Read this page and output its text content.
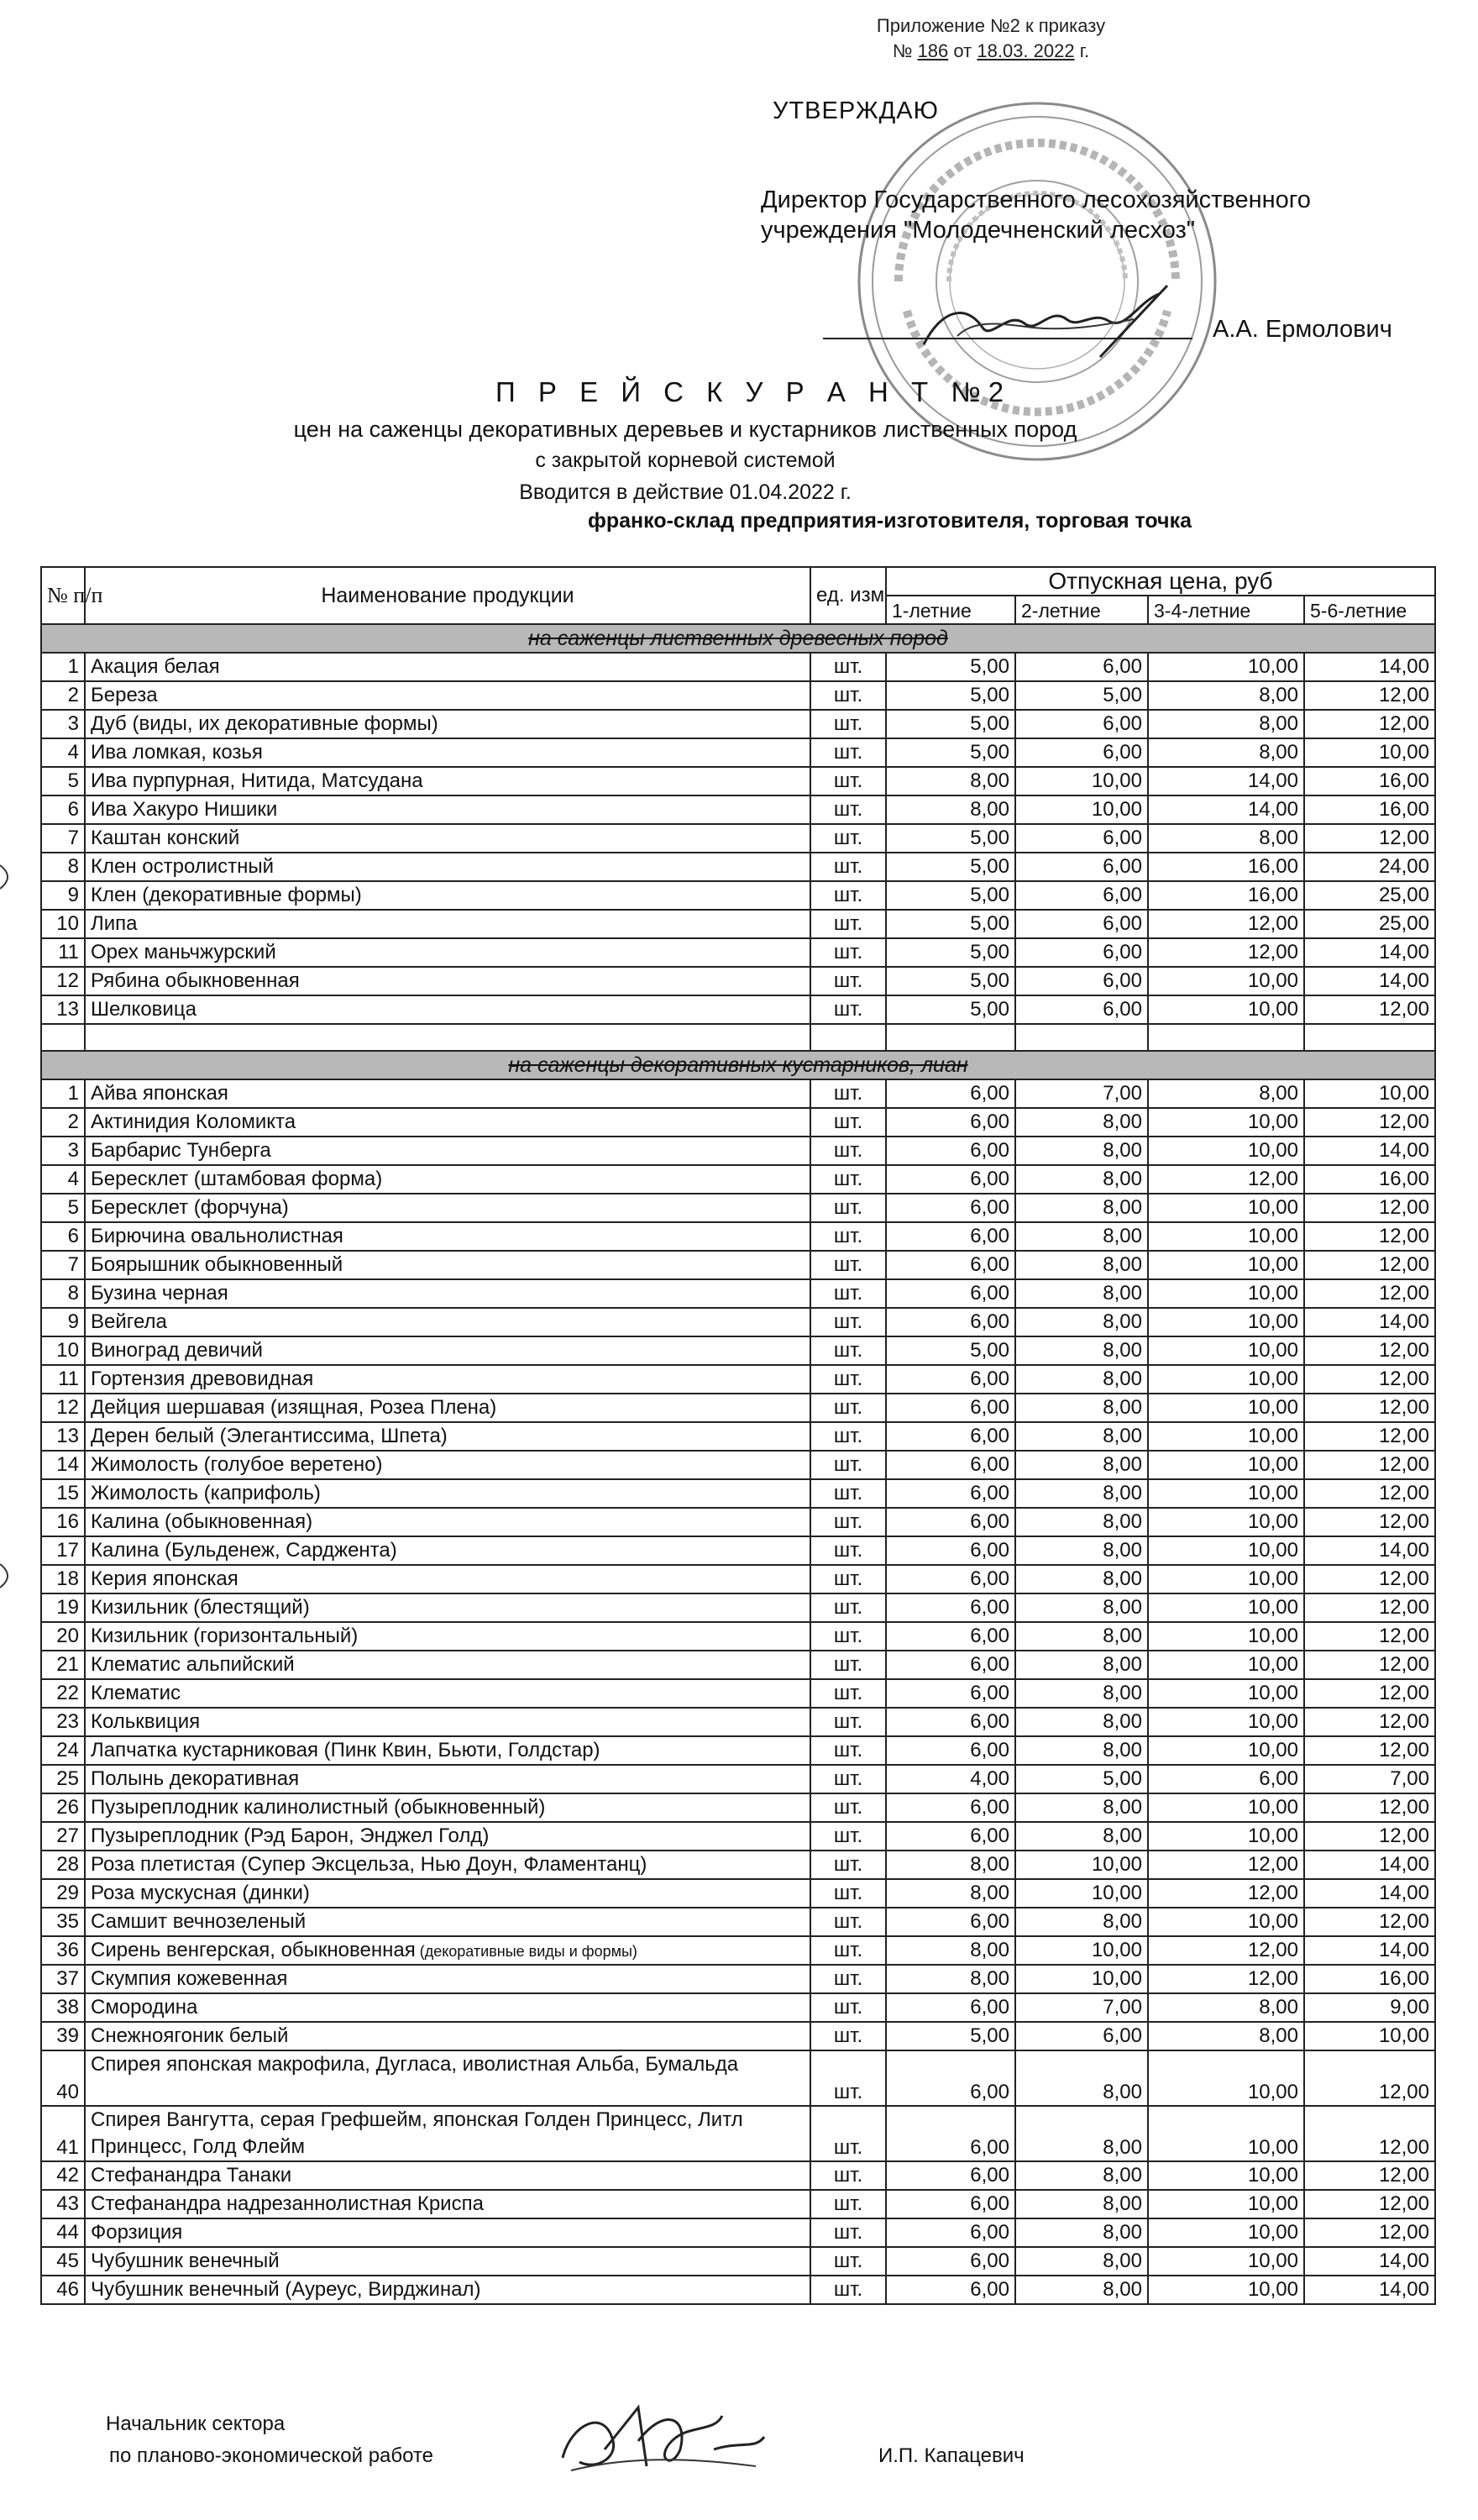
Приложение №2 к приказу
№ 186 от 18.03. 2022 г.
УТВЕРЖДАЮ
Директор Государственного лесохозяйственного
учреждения "Молодечненский лесхоз"
А.А. Ермолович
П Р Е Й С К У Р А Н Т №2
цен на саженцы декоративных деревьев и кустарников лиственных пород
с закрытой корневой системой
Вводится в действие 01.04.2022 г.
франко-склад предприятия-изготовителя, торговая точка
№ п/п	Наименование продукции	ед. изм	Отпускная цена, руб			
			1-летние	2-летние	3-4-летние	5-6-летние
на саженцы лиственных древесных пород						
1	Акация белая	шт.	5,00	6,00	10,00	14,00
2	Береза	шт.	5,00	5,00	8,00	12,00
3	Дуб (виды, их декоративные формы)	шт.	5,00	6,00	8,00	12,00
4	Ива ломкая, козья	шт.	5,00	6,00	8,00	10,00
5	Ива пурпурная, Нитида, Матсудана	шт.	8,00	10,00	14,00	16,00
6	Ива Хакуро Нишики	шт.	8,00	10,00	14,00	16,00
7	Каштан конский	шт.	5,00	6,00	8,00	12,00
8	Клен остролистный	шт.	5,00	6,00	16,00	24,00
9	Клен (декоративные формы)	шт.	5,00	6,00	16,00	25,00
10	Липа	шт.	5,00	6,00	12,00	25,00
11	Орех маньчжурский	шт.	5,00	6,00	12,00	14,00
12	Рябина обыкновенная	шт.	5,00	6,00	10,00	14,00
13	Шелковица	шт.	5,00	6,00	10,00	12,00

на саженцы декоративных кустарников, лиан						
1	Айва японская	шт.	6,00	7,00	8,00	10,00
2	Актинидия Коломикта	шт.	6,00	8,00	10,00	12,00
3	Барбарис Тунберга	шт.	6,00	8,00	10,00	14,00
4	Бересклет (штамбовая форма)	шт.	6,00	8,00	12,00	16,00
5	Бересклет (форчуна)	шт.	6,00	8,00	10,00	12,00
6	Бирючина овальнолистная	шт.	6,00	8,00	10,00	12,00
7	Боярышник обыкновенный	шт.	6,00	8,00	10,00	12,00
8	Бузина черная	шт.	6,00	8,00	10,00	12,00
9	Вейгела	шт.	6,00	8,00	10,00	14,00
10	Виноград девичий	шт.	5,00	8,00	10,00	12,00
11	Гортензия древовидная	шт.	6,00	8,00	10,00	12,00
12	Дейция шершавая (изящная, Розеа Плена)	шт.	6,00	8,00	10,00	12,00
13	Дерен белый (Элегантиссима, Шпета)	шт.	6,00	8,00	10,00	12,00
14	Жимолость (голубое веретено)	шт.	6,00	8,00	10,00	12,00
15	Жимолость (каприфоль)	шт.	6,00	8,00	10,00	12,00
16	Калина (обыкновенная)	шт.	6,00	8,00	10,00	12,00
17	Калина (Бульденеж, Сарджента)	шт.	6,00	8,00	10,00	14,00
18	Керия японская	шт.	6,00	8,00	10,00	12,00
19	Кизильник (блестящий)	шт.	6,00	8,00	10,00	12,00
20	Кизильник (горизонтальный)	шт.	6,00	8,00	10,00	12,00
21	Клематис альпийский	шт.	6,00	8,00	10,00	12,00
22	Клематис	шт.	6,00	8,00	10,00	12,00
23	Кольквиция	шт.	6,00	8,00	10,00	12,00
24	Лапчатка кустарниковая (Пинк Квин, Бьюти, Голдстар)	шт.	6,00	8,00	10,00	12,00
25	Полынь декоративная	шт.	4,00	5,00	6,00	7,00
26	Пузыреплодник калинолистный (обыкновенный)	шт.	6,00	8,00	10,00	12,00
27	Пузыреплодник (Рэд Барон, Энджел Голд)	шт.	6,00	8,00	10,00	12,00
28	Роза плетистая (Супер Эксцельза, Нью Доун, Фламентанц)	шт.	8,00	10,00	12,00	14,00
29	Роза мускусная (динки)	шт.	8,00	10,00	12,00	14,00
35	Самшит вечнозеленый	шт.	6,00	8,00	10,00	12,00
36	Сирень венгерская, обыкновенная (декоративные виды и формы)	шт.	8,00	10,00	12,00	14,00
37	Скумпия кожевенная	шт.	8,00	10,00	12,00	16,00
38	Смородина	шт.	6,00	7,00	8,00	9,00
39	Снежноягоник белый	шт.	5,00	6,00	8,00	10,00
40	Спирея японская макрофила, Дугласа, иволистная Альба, Бумальда	шт.	6,00	8,00	10,00	12,00
41	Спирея Вангутта, серая Грефшейм, японская Голден Принцесс, Литл Принцесс, Голд Флейм	шт.	6,00	8,00	10,00	12,00
42	Стефанандра Танаки	шт.	6,00	8,00	10,00	12,00
43	Стефанандра надрезаннолистная Криспа	шт.	6,00	8,00	10,00	12,00
44	Форзиция	шт.	6,00	8,00	10,00	12,00
45	Чубушник венечный	шт.	6,00	8,00	10,00	14,00
46	Чубушник венечный (Ауреус, Вирджинал)	шт.	6,00	8,00	10,00	14,00
Начальник сектора
по планово-экономической работе	И.П. Капацевич
